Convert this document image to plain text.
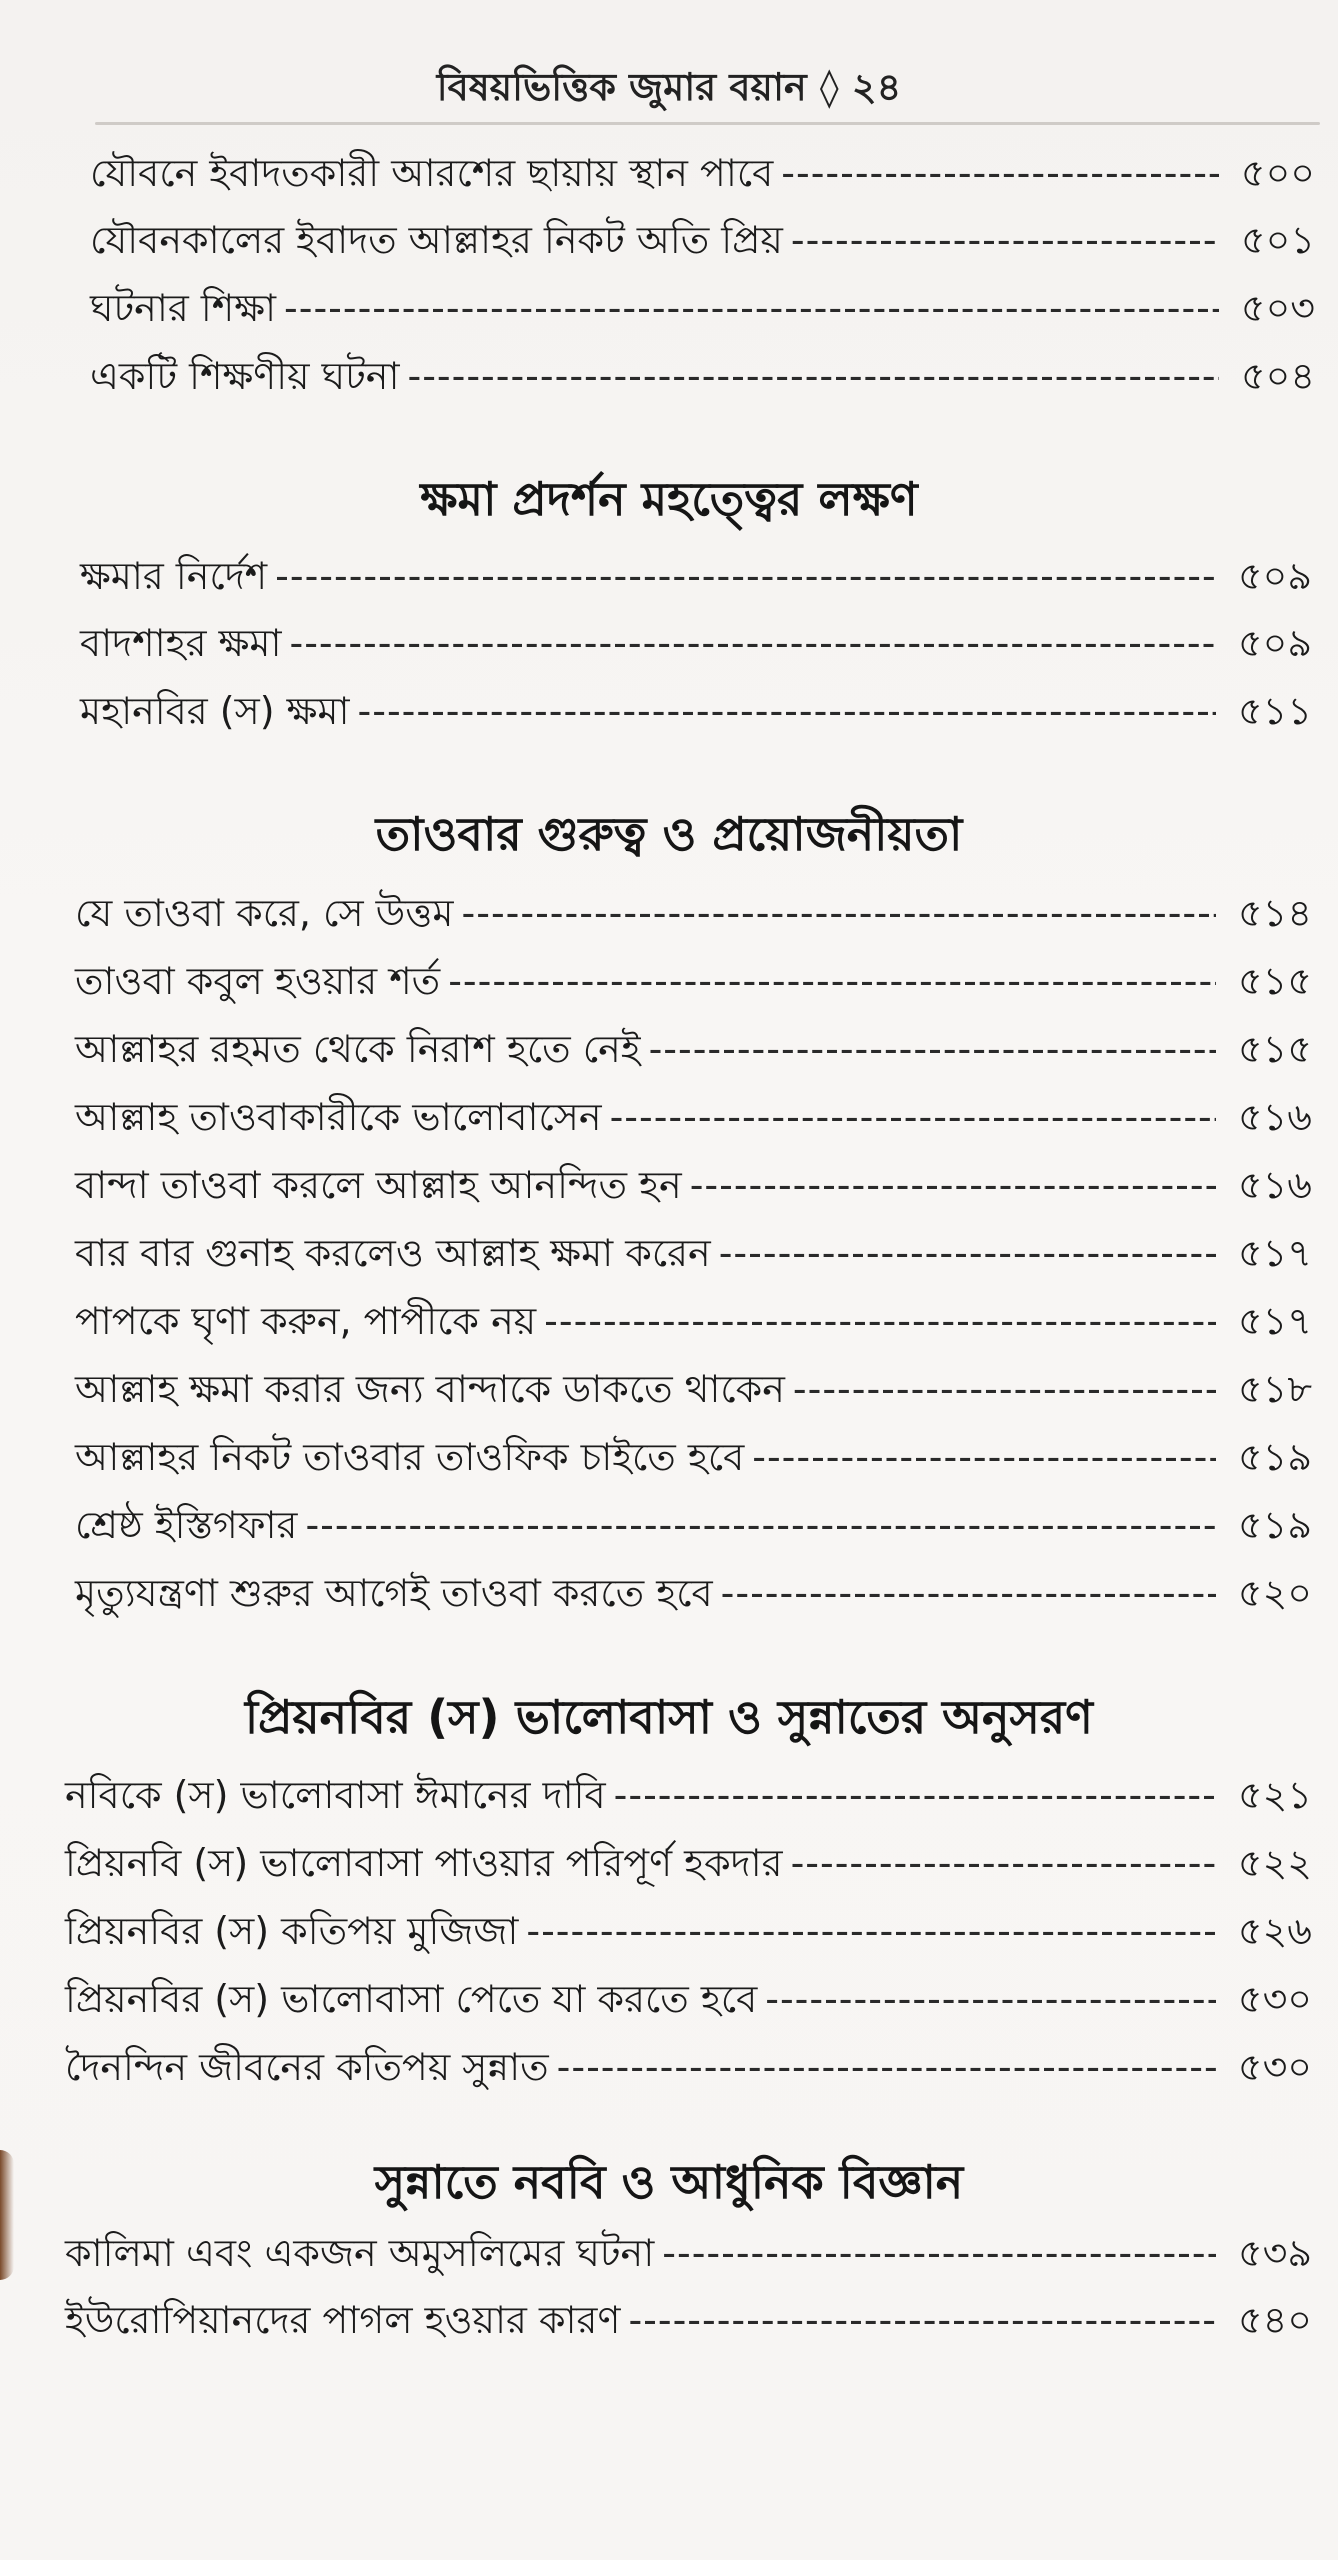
বিষয়ভিত্তিক জুমার বয়ান ◊ ২৪
যৌবনে ইবাদতকারী আরশের ছায়ায় স্থান পাবে -----	৫০০
যৌবনকালের ইবাদত আল্লাহর নিকট অতি প্রিয় -----	৫০১
ঘটনার শিক্ষা -----	৫০৩
একটি শিক্ষণীয় ঘটনা -----	৫০৪
ক্ষমা প্রদর্শন মহত্ত্বের লক্ষণ
ক্ষমার নির্দেশ -----	৫০৯
বাদশাহর ক্ষমা -----	৫০৯
মহানবির (স) ক্ষমা -----	৫১১
তাওবার গুরুত্ব ও প্রয়োজনীয়তা
যে তাওবা করে, সে উত্তম -----	৫১৪
তাওবা কবুল হওয়ার শর্ত -----	৫১৫
আল্লাহর রহমত থেকে নিরাশ হতে নেই -----	৫১৫
আল্লাহ তাওবাকারীকে ভালোবাসেন -----	৫১৬
বান্দা তাওবা করলে আল্লাহ আনন্দিত হন -----	৫১৬
বার বার গুনাহ করলেও আল্লাহ ক্ষমা করেন -----	৫১৭
পাপকে ঘৃণা করুন, পাপীকে নয় -----	৫১৭
আল্লাহ ক্ষমা করার জন্য বান্দাকে ডাকতে থাকেন -----	৫১৮
আল্লাহর নিকট তাওবার তাওফিক চাইতে হবে -----	৫১৯
শ্রেষ্ঠ ইস্তিগফার -----	৫১৯
মৃত্যুযন্ত্রণা শুরুর আগেই তাওবা করতে হবে -----	৫২০
প্রিয়নবির (স) ভালোবাসা ও সুন্নাতের অনুসরণ
নবিকে (স) ভালোবাসা ঈমানের দাবি -----	৫২১
প্রিয়নবি (স) ভালোবাসা পাওয়ার পরিপূর্ণ হকদার -----	৫২২
প্রিয়নবির (স) কতিপয় মুজিজা -----	৫২৬
প্রিয়নবির (স) ভালোবাসা পেতে যা করতে হবে -----	৫৩০
দৈনন্দিন জীবনের কতিপয় সুন্নাত -----	৫৩০
সুন্নাতে নববি ও আধুনিক বিজ্ঞান
কালিমা এবং একজন অমুসলিমের ঘটনা -----	৫৩৯
ইউরোপিয়ানদের পাগল হওয়ার কারণ -----	৫৪০
